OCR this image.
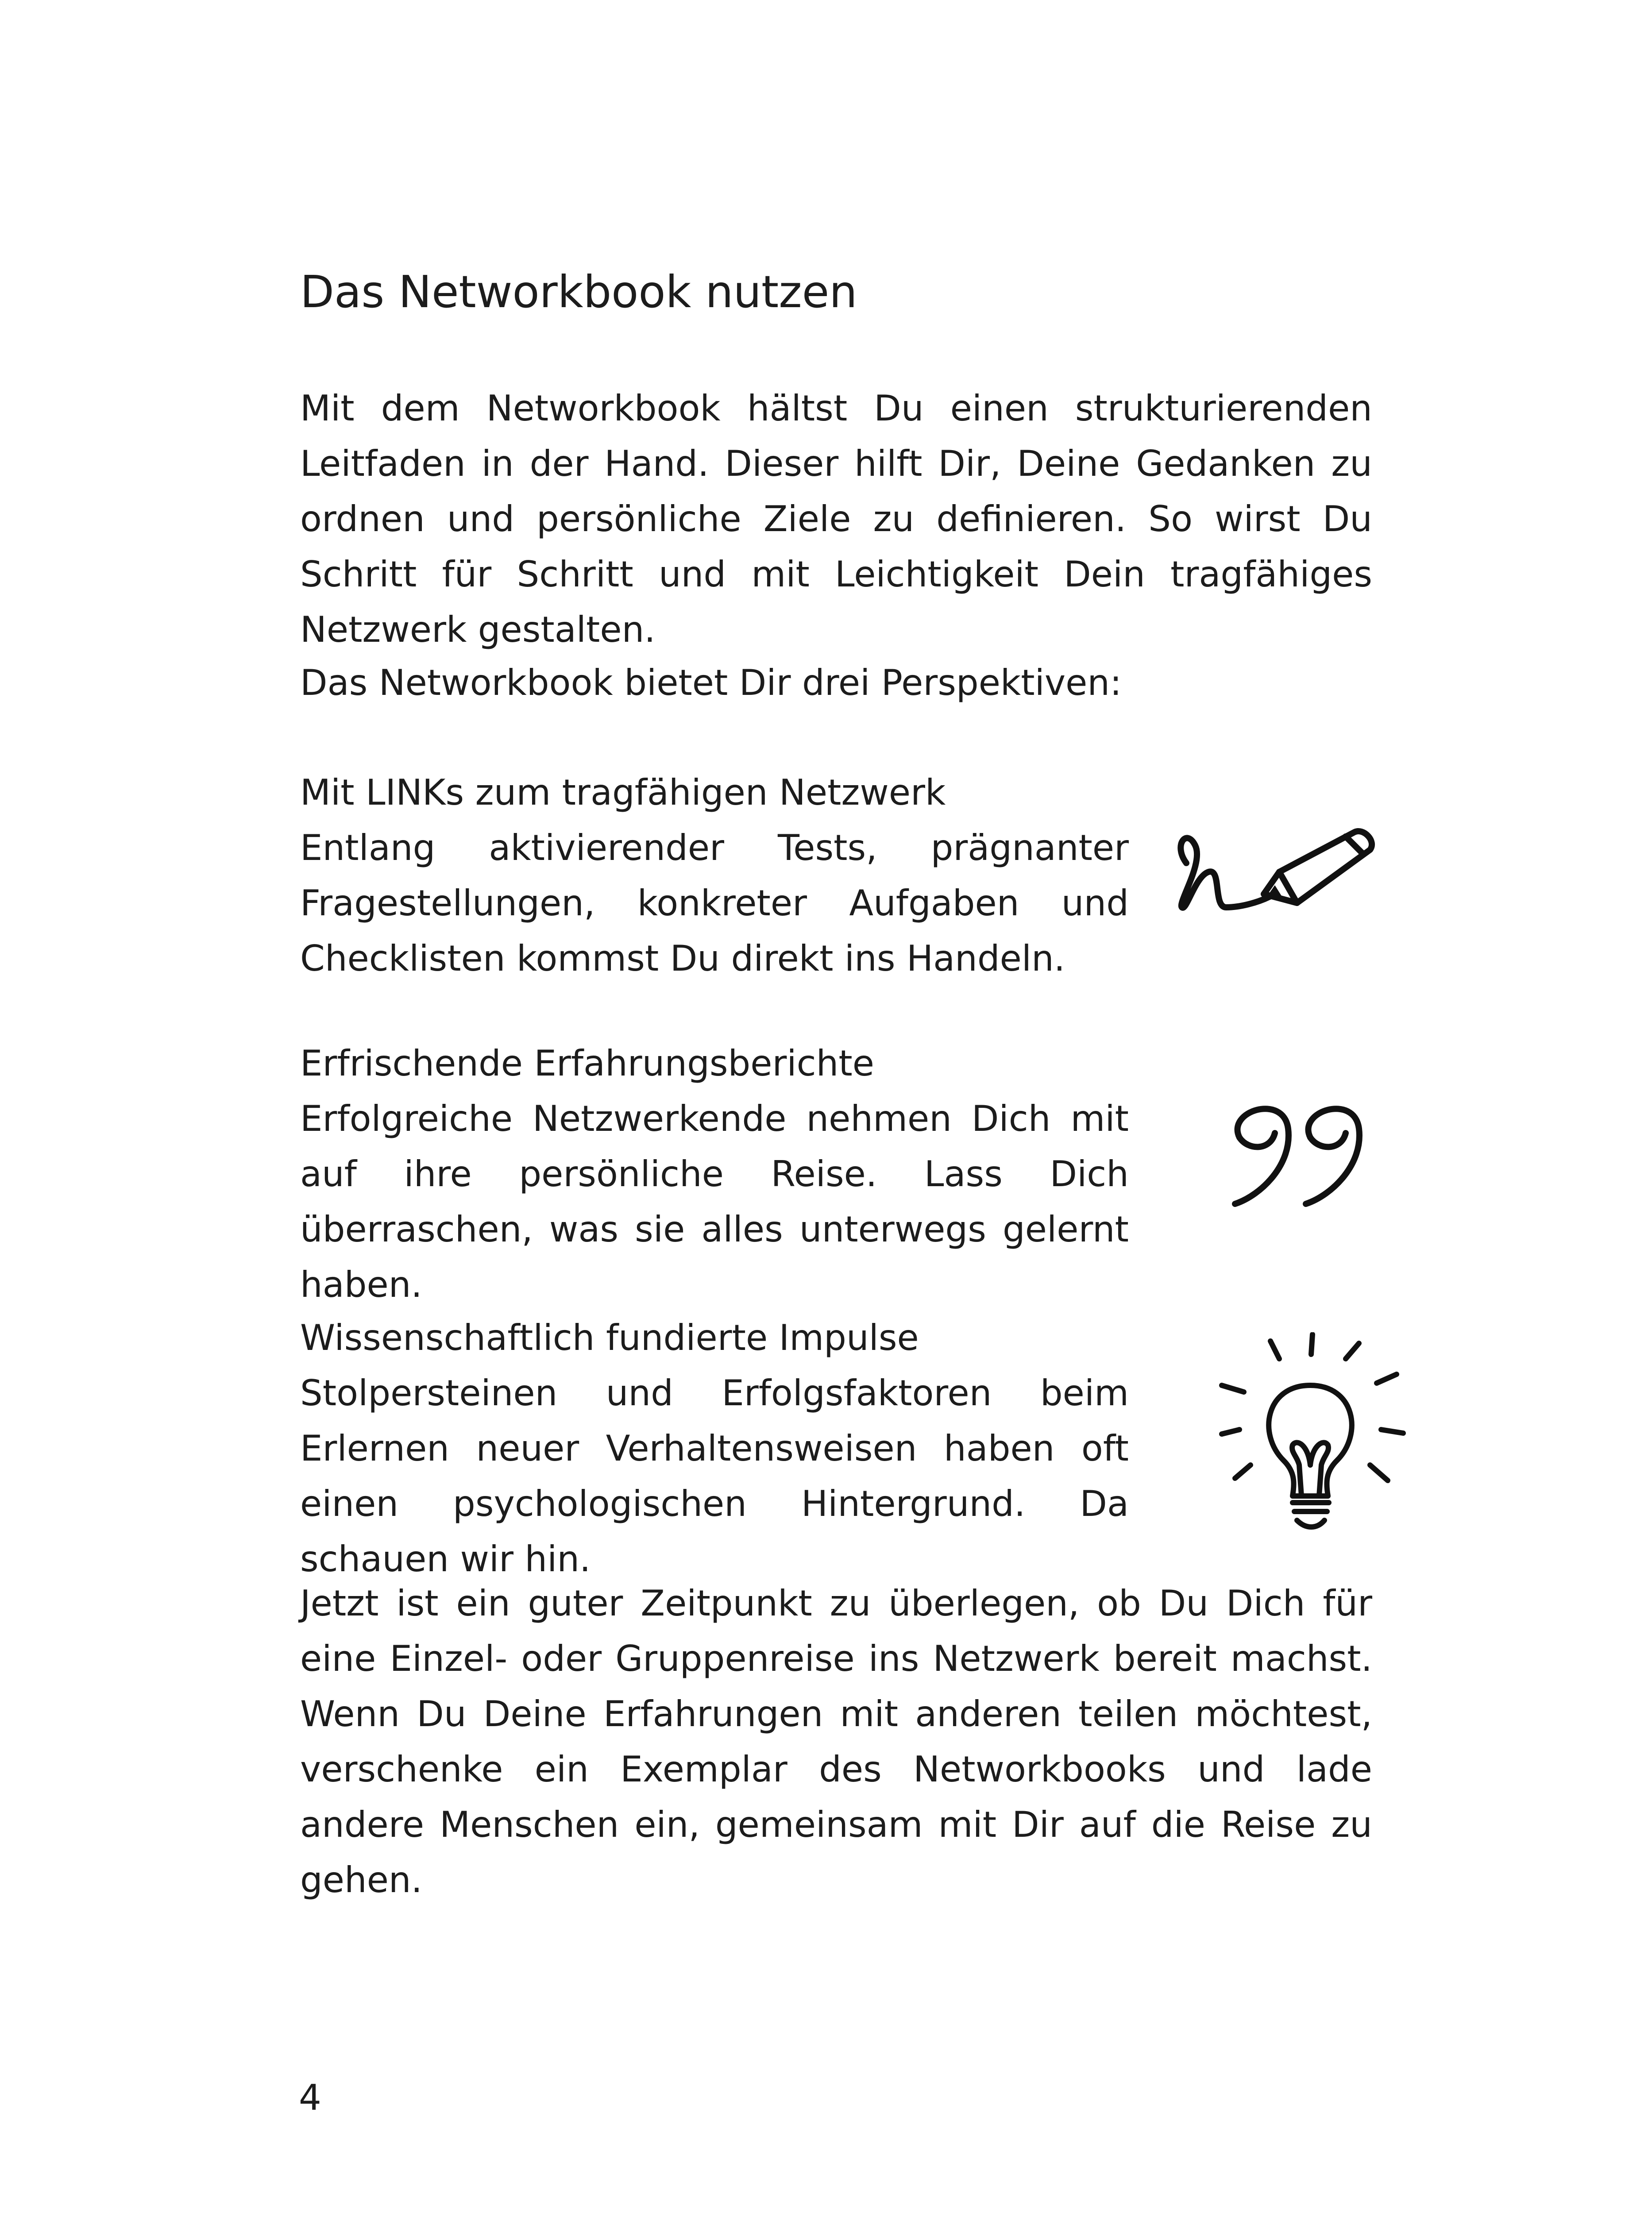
Das Networkbook nutzen

Mit dem Networkbook hältst Du einen strukturierenden Leitfaden in der Hand. Dieser hilft Dir, Deine Gedanken zu ordnen und persönliche Ziele zu definieren. So wirst Du Schritt für Schritt und mit Leichtigkeit Dein tragfähiges Netzwerk gestalten.

Das Networkbook bietet Dir drei Perspektiven:

Mit LINKs zum tragfähigen Netzwerk

Entlang aktivierender Tests, prägnanter Fragestellungen, konkreter Aufgaben und Checklisten kommst Du direkt ins Handeln.

Erfrischende Erfahrungsberichte

Erfolgreiche Netzwerkende nehmen Dich mit auf ihre persönliche Reise. Lass Dich überraschen, was sie alles unterwegs gelernt haben.

Wissenschaftlich fundierte Impulse

Stolpersteinen und Erfolgsfaktoren beim Erlernen neuer Verhaltensweisen haben oft einen psychologischen Hintergrund. Da schauen wir hin.

Jetzt ist ein guter Zeitpunkt zu überlegen, ob Du Dich für eine Einzel- oder Gruppenreise ins Netzwerk bereit machst. Wenn Du Deine Erfahrungen mit anderen teilen möchtest, verschenke ein Exemplar des Networkbooks und lade andere Menschen ein, gemeinsam mit Dir auf die Reise zu gehen.

4
